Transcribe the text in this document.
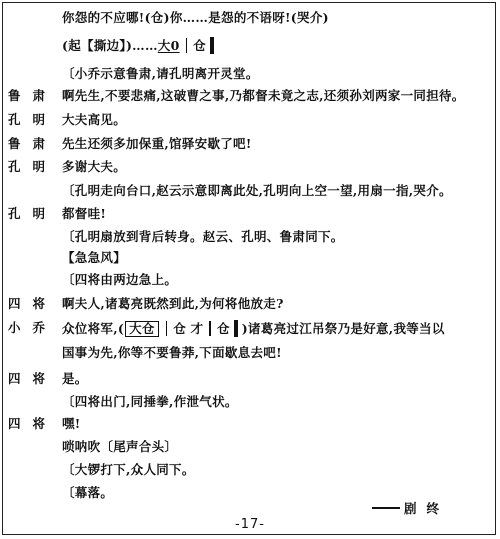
你怨的不应哪!(仓)你……是怨的不语呀!(哭介)
(起【撕边】)……大0 仓
〔小乔示意鲁肃,请孔明离开灵堂。
鲁肃 啊先生,不要悲痛,这破曹之事,乃都督未竟之志,还须孙刘两家一同担待。
孔明 大夫高见。
鲁肃 先生还须多加保重,馆驿安歇了吧!
孔明 多谢大夫。
〔孔明走向台口,赵云示意即离此处,孔明向上空一望,用扇一指,哭介。
孔明 都督哇!
〔孔明扇放到背后转身。赵云、孔明、鲁肃同下。
【急急风】
〔四将由两边急上。
四将 啊夫人,诸葛亮既然到此,为何将他放走?
小乔 众位将军,( 大仓 仓 才 仓 )诸葛亮过江吊祭乃是好意,我等当以
国事为先,你等不要鲁莽,下面歇息去吧!
四将 是。
〔四将出门,同捶拳,作泄气状。
四将 嘿!
唢呐吹〔尾声合头〕
〔大锣打下,众人同下。
〔幕落。
剧终
-17-
